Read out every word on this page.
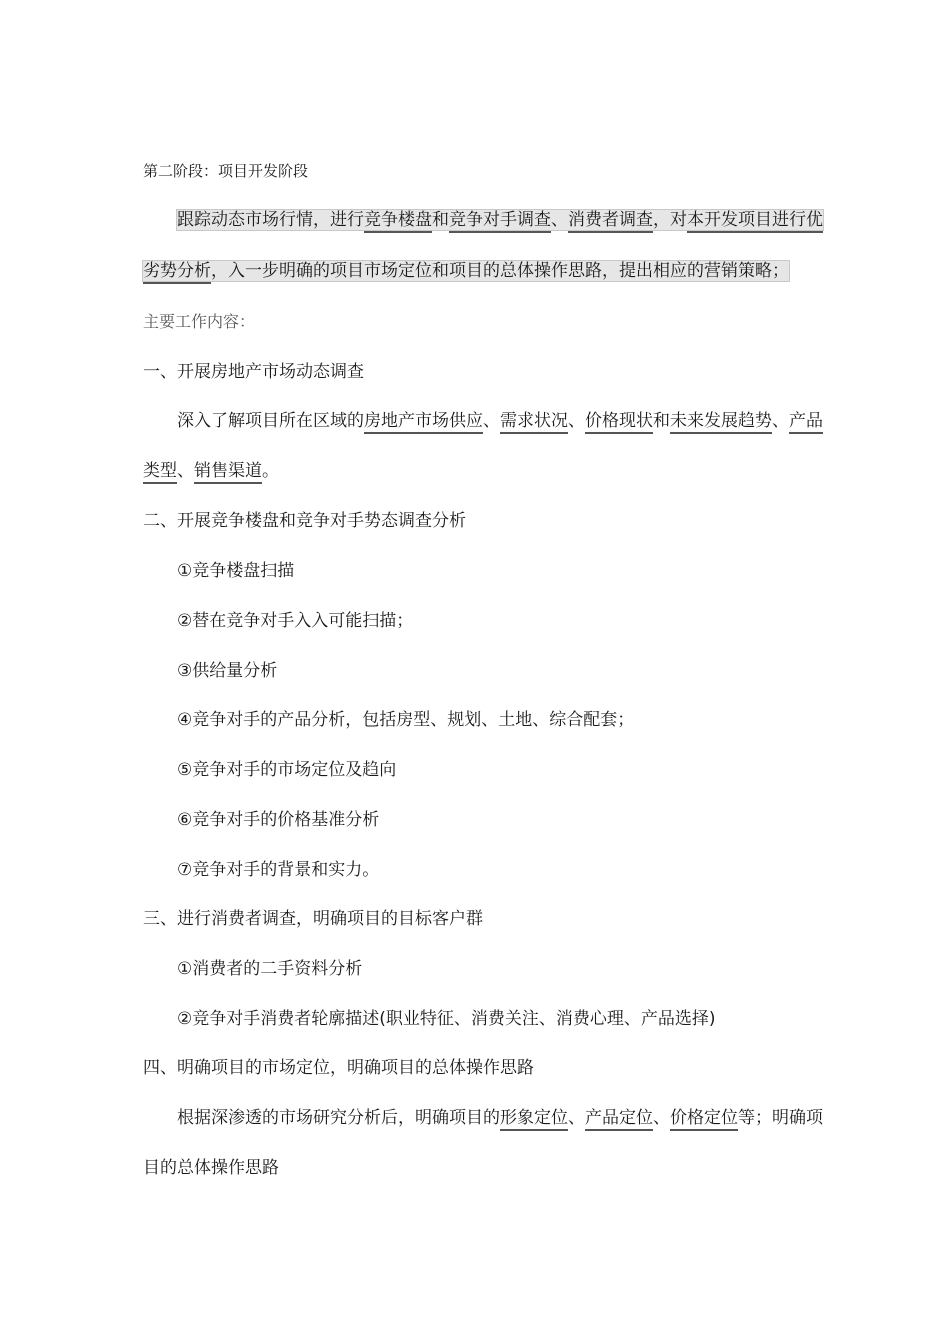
第二阶段：项目开发阶段
跟踪动态市场行情，进行竞争楼盘和竞争对手调查、消费者调查，对本开发项目进行优
劣势分析，入一步明确的项目市场定位和项目的总体操作思路，提出相应的营销策略；
主要工作内容：
一、开展房地产市场动态调查
深入了解项目所在区域的房地产市场供应、需求状况、价格现状和未来发展趋势、产品
类型、销售渠道。
二、开展竞争楼盘和竞争对手势态调查分析
①竞争楼盘扫描
②替在竞争对手入入可能扫描；
③供给量分析
④竞争对手的产品分析，包括房型、规划、土地、综合配套；
⑤竞争对手的市场定位及趋向
⑥竞争对手的价格基准分析
⑦竞争对手的背景和实力。
三、进行消费者调查，明确项目的目标客户群
①消费者的二手资料分析
②竞争对手消费者轮廓描述(职业特征、消费关注、消费心理、产品选择)
四、明确项目的市场定位，明确项目的总体操作思路
根据深渗透的市场研究分析后，明确项目的形象定位、产品定位、价格定位等；明确项
目的总体操作思路
